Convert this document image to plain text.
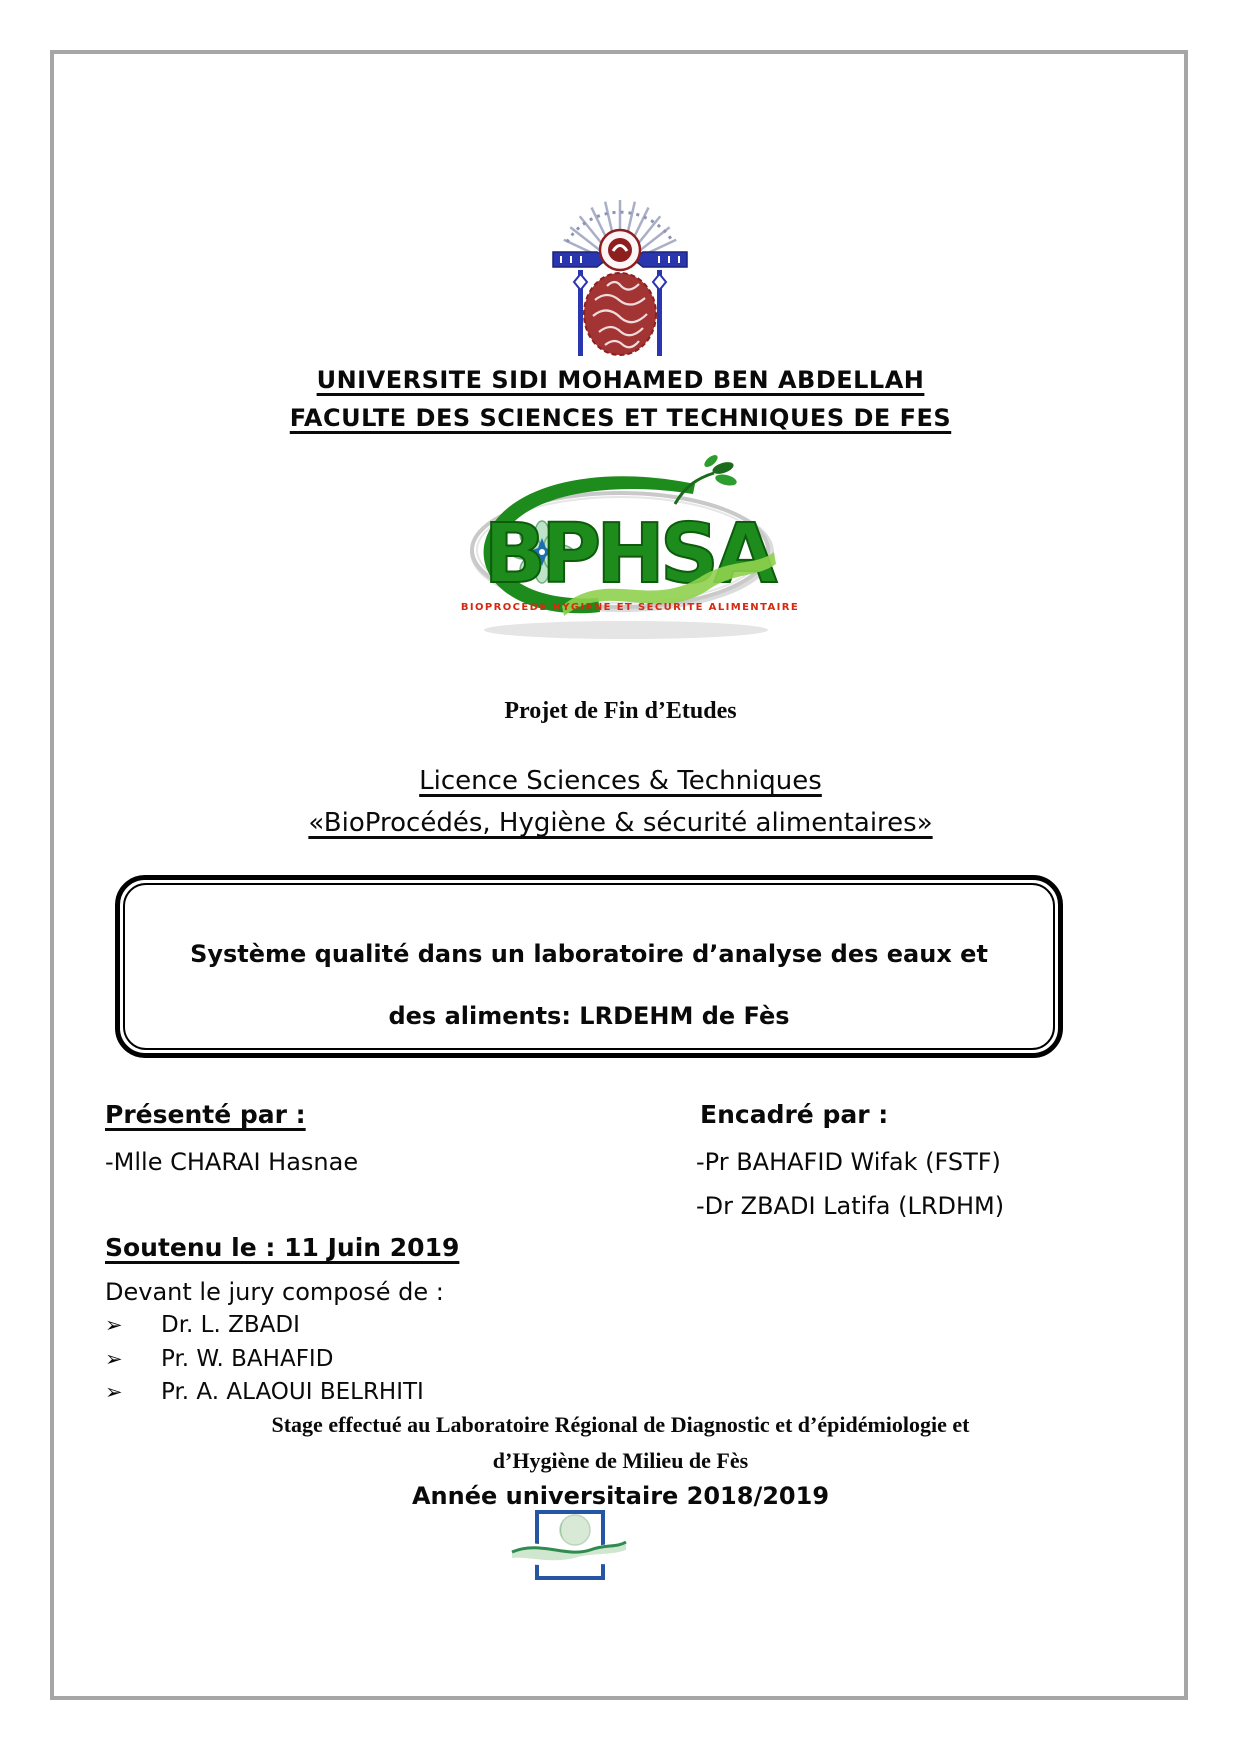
UNIVERSITE SIDI MOHAMED BEN ABDELLAH
FACULTE DES SCIENCES ET TECHNIQUES DE FES
BPHSA
BIOPROCEDE HYGIENE ET SECURITE ALIMENTAIRE
Projet de Fin d’Etudes
Licence Sciences & Techniques
«BioProcédés, Hygiène & sécurité alimentaires»
Système qualité dans un laboratoire d’analyse des eaux et
des aliments: LRDEHM de Fès
Présenté par :
-Mlle CHARAI Hasnae
Encadré par :
-Pr BAHAFID Wifak (FSTF)
-Dr ZBADI Latifa (LRDHM)
Soutenu le : 11 Juin 2019
Devant le jury composé de :
➢ Dr. L. ZBADI
➢ Pr. W. BAHAFID
➢ Pr. A. ALAOUI BELRHITI
Stage effectué au Laboratoire Régional de Diagnostic et d’épidémiologie et
d’Hygiène de Milieu de Fès
Année universitaire 2018/2019
